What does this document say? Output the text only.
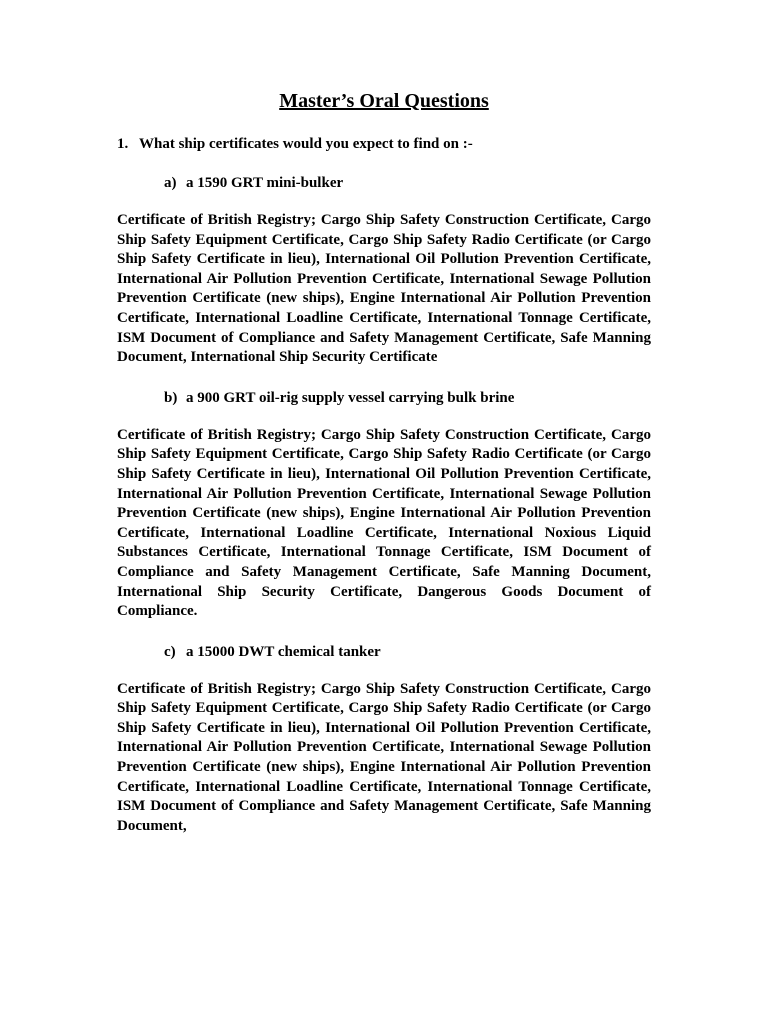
Master’s Oral Questions
1. What ship certificates would you expect to find on :-
a) a 1590 GRT mini-bulker
Certificate of British Registry; Cargo Ship Safety Construction Certificate, Cargo Ship Safety Equipment Certificate, Cargo Ship Safety Radio Certificate (or Cargo Ship Safety Certificate in lieu), International Oil Pollution Prevention Certificate, International Air Pollution Prevention Certificate, International Sewage Pollution Prevention Certificate (new ships), Engine International Air Pollution Prevention Certificate, International Loadline Certificate, International Tonnage Certificate, ISM Document of Compliance and Safety Management Certificate, Safe Manning Document, International Ship Security Certificate
b) a 900 GRT oil-rig supply vessel carrying bulk brine
Certificate of British Registry; Cargo Ship Safety Construction Certificate, Cargo Ship Safety Equipment Certificate, Cargo Ship Safety Radio Certificate (or Cargo Ship Safety Certificate in lieu), International Oil Pollution Prevention Certificate, International Air Pollution Prevention Certificate, International Sewage Pollution Prevention Certificate (new ships), Engine International Air Pollution Prevention Certificate, International Loadline Certificate, International Noxious Liquid Substances Certificate, International Tonnage Certificate, ISM Document of Compliance and Safety Management Certificate, Safe Manning Document, International Ship Security Certificate, Dangerous Goods Document of Compliance.
c) a 15000 DWT chemical tanker
Certificate of British Registry; Cargo Ship Safety Construction Certificate, Cargo Ship Safety Equipment Certificate, Cargo Ship Safety Radio Certificate (or Cargo Ship Safety Certificate in lieu), International Oil Pollution Prevention Certificate, International Air Pollution Prevention Certificate, International Sewage Pollution Prevention Certificate (new ships), Engine International Air Pollution Prevention Certificate, International Loadline Certificate, International Tonnage Certificate, ISM Document of Compliance and Safety Management Certificate, Safe Manning Document,
